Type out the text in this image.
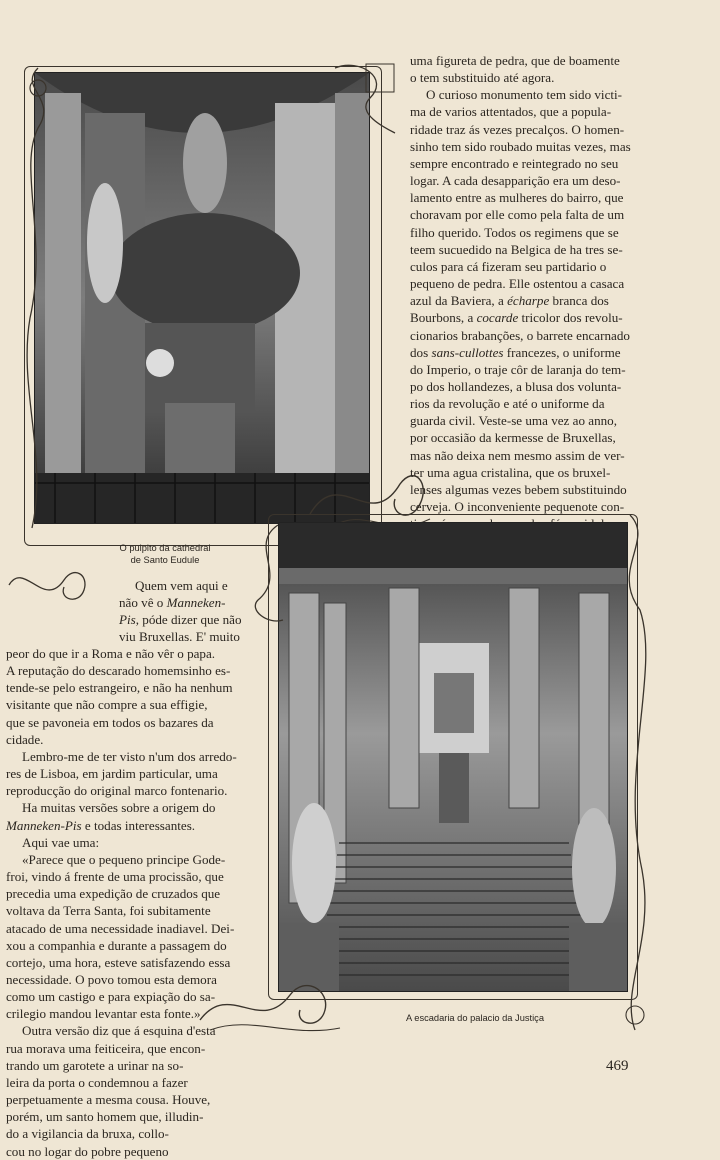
O pulpito da cathedral
de Santo Eudule

uma figureta de pedra, que de boamente

o tem substituido até agora.

O curioso monumento tem sido victi-

ma de varios attentados, que a popula-

ridade traz ás vezes precalços. O homen-

sinho tem sido roubado muitas vezes, mas

sempre encontrado e reintegrado no seu

logar. A cada desapparição era um deso-

lamento entre as mulheres do bairro, que

choravam por elle como pela falta de um

filho querido. Todos os regimens que se

teem sucuedido na Belgica de ha tres se-

culos para cá fizeram seu partidario o

pequeno de pedra. Elle ostentou a casaca

azul da Baviera, a écharpe branca dos

Bourbons, a cocarde tricolor dos revolu-

cionarios brabanções, o barrete encarnado

dos sans-cullottes francezes, o uniforme

do Imperio, o traje côr de laranja do tem-

po dos hollandezes, a blusa dos volunta-

rios da revolução e até o uniforme da

guarda civil. Veste-se uma vez ao anno,

por occasião da kermesse de Bruxellas,

mas não deixa nem mesmo assim de ver-

ter uma agua cristalina, que os bruxel-

lenses algumas vezes bebem substituindo

cerveja. O inconveniente pequenote con-

Quem vem aqui e

não vê o Manneken-

Pis, póde dizer que não

viu Bruxellas. E' muito

peor do que ir a Roma e não vêr o papa.

A reputação do descarado homemsinho es-

tende-se pelo estrangeiro, e não ha nenhum

visitante que não compre a sua effigie,

que se pavoneia em todos os bazares da

cidade.

Lembro-me de ter visto n'um dos arredo-

res de Lisboa, em jardim particular, uma

reproducção do original marco fontenario.

Ha muitas versões sobre a origem do

Manneken-Pis e todas interessantes.

Aqui vae uma:

«Parece que o pequeno principe Gode-

froi, vindo á frente de uma procissão, que

precedia uma expedição de cruzados que

voltava da Terra Santa, foi subitamente

atacado de uma necessidade inadiavel. Dei-

xou a companhia e durante a passagem do

cortejo, uma hora, esteve satisfazendo essa

necessidade. O povo tomou esta demora

como um castigo e para expiação do sa-

crilegio mandou levantar esta fonte.»

Outra versão diz que á esquina d'esta

rua morava uma feiticeira, que encon-

trando um garotete a urinar na so-

leira da porta o condemnou a fazer

perpetuamente a mesma cousa. Houve,

porém, um santo homem que, illudin-

do a vigilancia da bruxa, collo-

cou no logar do pobre pequeno

A escadaria do palacio da Justiça
469
